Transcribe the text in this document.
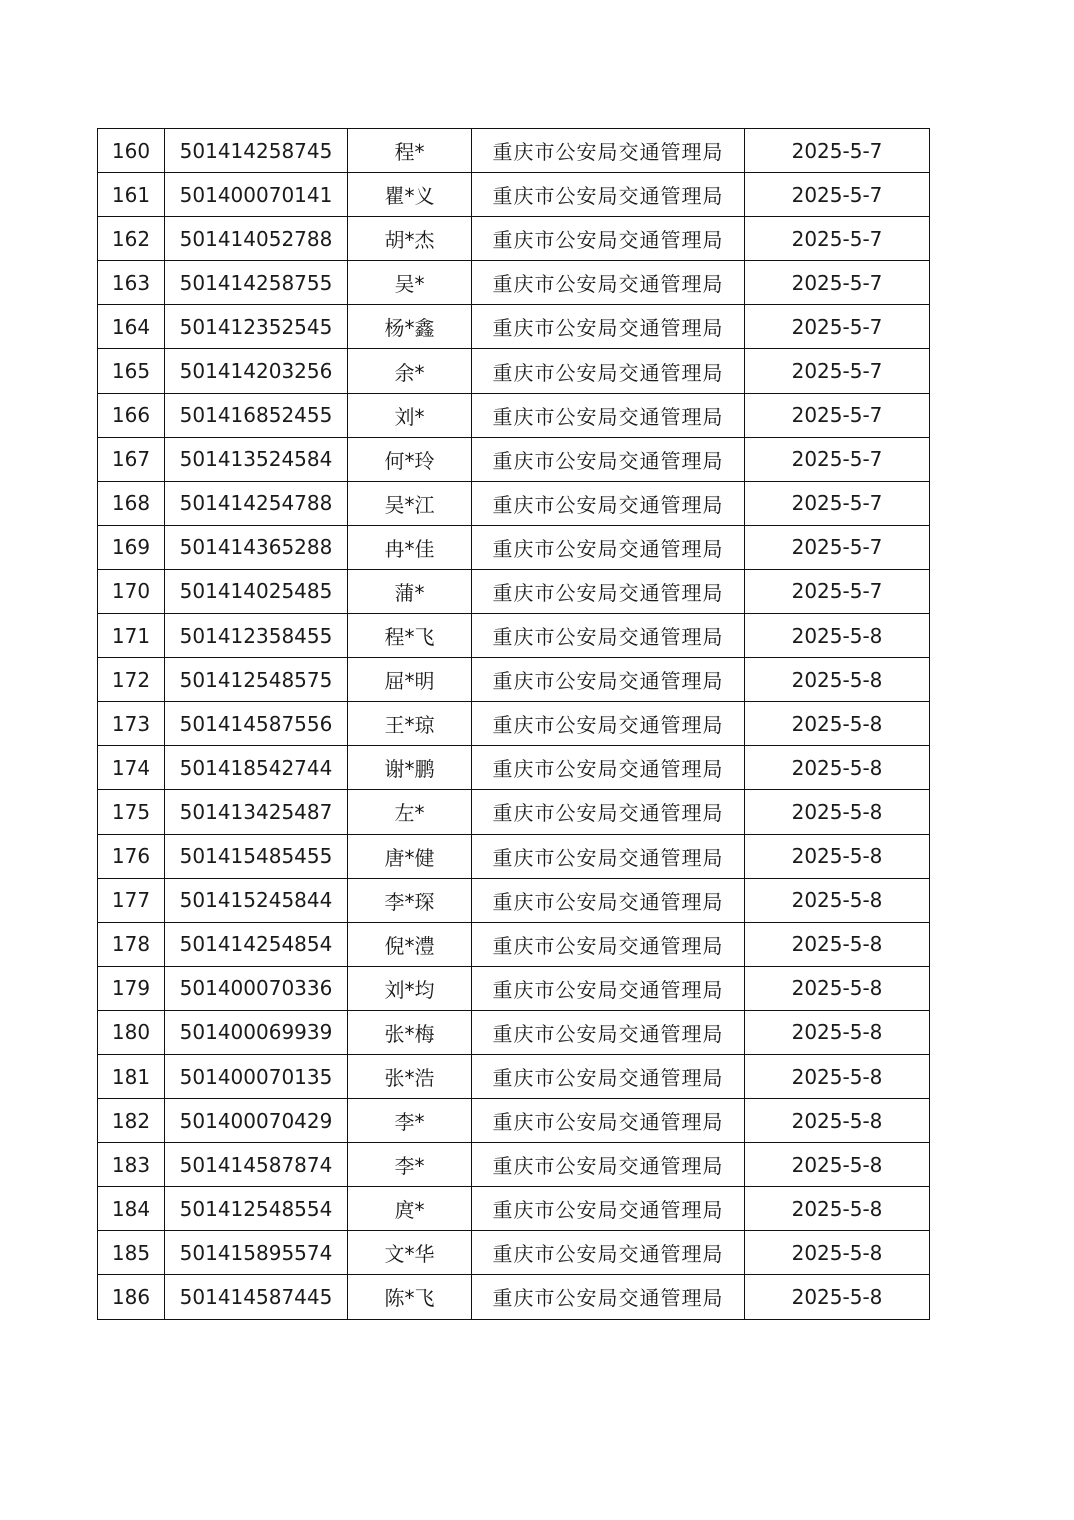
160	501414258745	程*	重庆市公安局交通管理局	2025-5-7
161	501400070141	瞿*义	重庆市公安局交通管理局	2025-5-7
162	501414052788	胡*杰	重庆市公安局交通管理局	2025-5-7
163	501414258755	吴*	重庆市公安局交通管理局	2025-5-7
164	501412352545	杨*鑫	重庆市公安局交通管理局	2025-5-7
165	501414203256	余*	重庆市公安局交通管理局	2025-5-7
166	501416852455	刘*	重庆市公安局交通管理局	2025-5-7
167	501413524584	何*玲	重庆市公安局交通管理局	2025-5-7
168	501414254788	吴*江	重庆市公安局交通管理局	2025-5-7
169	501414365288	冉*佳	重庆市公安局交通管理局	2025-5-7
170	501414025485	蒲*	重庆市公安局交通管理局	2025-5-7
171	501412358455	程*飞	重庆市公安局交通管理局	2025-5-8
172	501412548575	屈*明	重庆市公安局交通管理局	2025-5-8
173	501414587556	王*琼	重庆市公安局交通管理局	2025-5-8
174	501418542744	谢*鹏	重庆市公安局交通管理局	2025-5-8
175	501413425487	左*	重庆市公安局交通管理局	2025-5-8
176	501415485455	唐*健	重庆市公安局交通管理局	2025-5-8
177	501415245844	李*琛	重庆市公安局交通管理局	2025-5-8
178	501414254854	倪*澧	重庆市公安局交通管理局	2025-5-8
179	501400070336	刘*均	重庆市公安局交通管理局	2025-5-8
180	501400069939	张*梅	重庆市公安局交通管理局	2025-5-8
181	501400070135	张*浩	重庆市公安局交通管理局	2025-5-8
182	501400070429	李*	重庆市公安局交通管理局	2025-5-8
183	501414587874	李*	重庆市公安局交通管理局	2025-5-8
184	501412548554	庹*	重庆市公安局交通管理局	2025-5-8
185	501415895574	文*华	重庆市公安局交通管理局	2025-5-8
186	501414587445	陈*飞	重庆市公安局交通管理局	2025-5-8
